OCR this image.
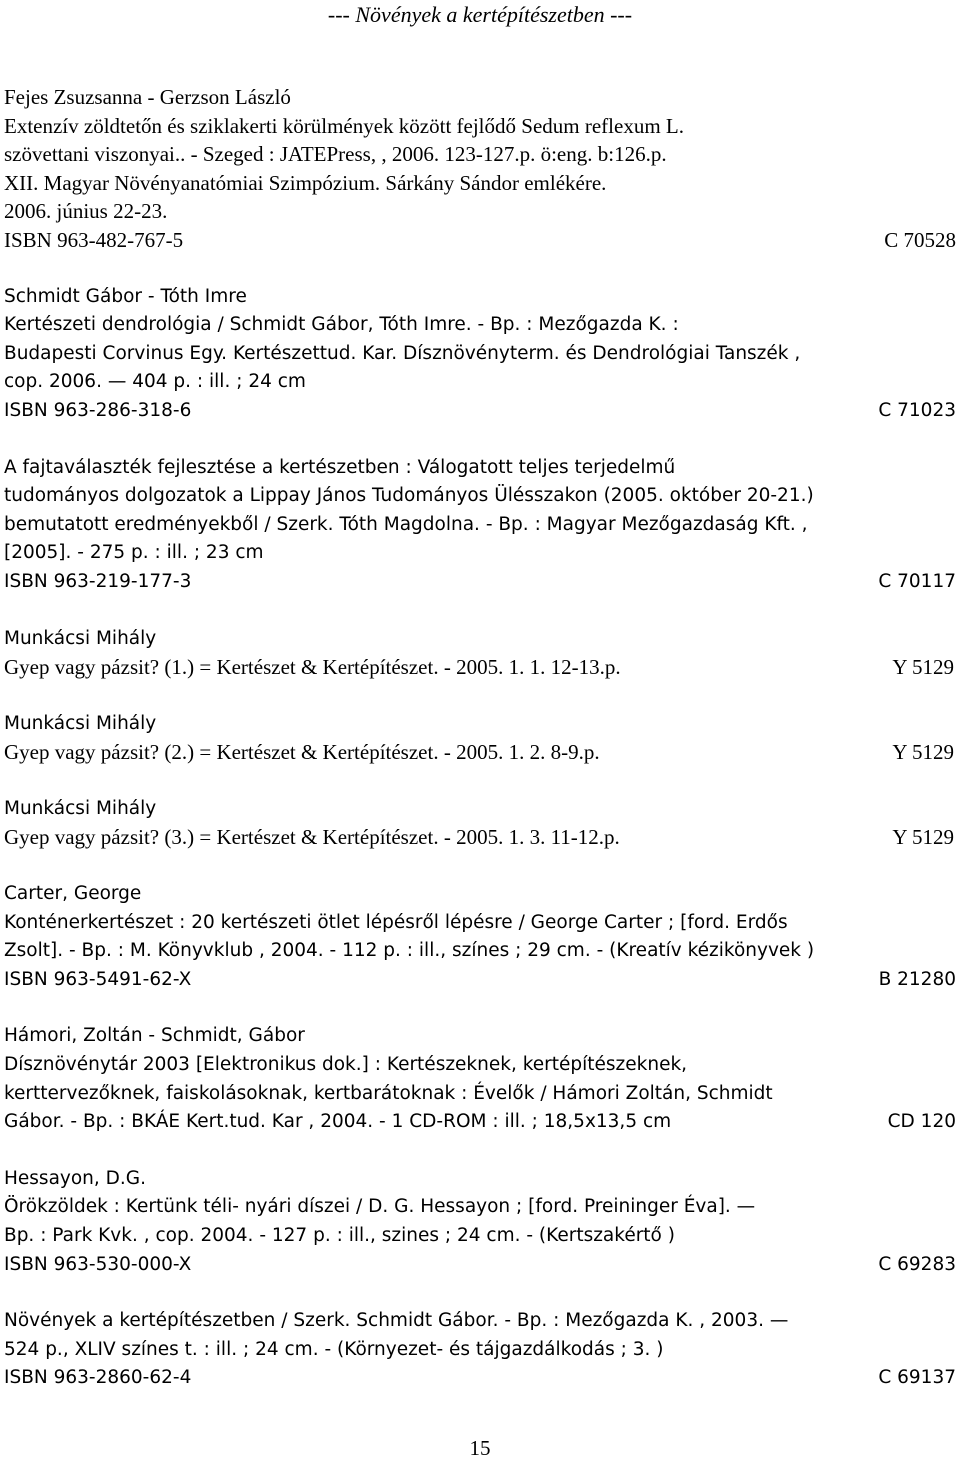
--- Növények a kertépítészetben ---
Fejes Zsuzsanna - Gerzson László
Extenzív zöldtetőn és sziklakerti körülmények között fejlődő Sedum reflexum L.
szövettani viszonyai.. - Szeged : JATEPress, , 2006. 123-127.p. ö:eng. b:126.p.
XII. Magyar Növényanatómiai Szimpózium. Sárkány Sándor emlékére.
2006. június 22-23.
ISBN 963-482-767-5	C 70528
Schmidt Gábor - Tóth Imre
Kertészeti dendrológia / Schmidt Gábor, Tóth Imre. - Bp. : Mezőgazda K. :
Budapesti Corvinus Egy. Kertészettud. Kar. Dísznövényterm. és Dendrológiai Tanszék ,
cop. 2006. — 404 p. : ill. ; 24 cm
ISBN 963-286-318-6	C 71023
A fajtaválaszték fejlesztése a kertészetben : Válogatott teljes terjedelmű
tudományos dolgozatok a Lippay János Tudományos Ülésszakon (2005. október 20-21.)
bemutatott eredményekből / Szerk. Tóth Magdolna. - Bp. : Magyar Mezőgazdaság Kft. ,
[2005]. - 275 p. : ill. ; 23 cm
ISBN 963-219-177-3	C 70117
Munkácsi Mihály
Gyep vagy pázsit? (1.) = Kertészet & Kertépítészet. - 2005. 1. 1. 12-13.p.	Y 5129
Munkácsi Mihály
Gyep vagy pázsit? (2.) = Kertészet & Kertépítészet. - 2005. 1. 2. 8-9.p.	Y 5129
Munkácsi Mihály
Gyep vagy pázsit? (3.) = Kertészet & Kertépítészet. - 2005. 1. 3. 11-12.p.	Y 5129
Carter, George
Konténerkertészet : 20 kertészeti ötlet lépésről lépésre / George Carter ; [ford. Erdős
Zsolt]. - Bp. : M. Könyvklub , 2004. - 112 p. : ill., színes ; 29 cm. - (Kreatív kézikönyvek )
ISBN 963-5491-62-X	B 21280
Hámori, Zoltán - Schmidt, Gábor
Dísznövénytár 2003 [Elektronikus dok.] : Kertészeknek, kertépítészeknek,
kerttervezőknek, faiskolásoknak, kertbarátoknak : Évelők / Hámori Zoltán, Schmidt
Gábor. - Bp. : BKÁE Kert.tud. Kar , 2004. - 1 CD-ROM : ill. ; 18,5x13,5 cm	CD 120
Hessayon, D.G.
Örökzöldek : Kertünk téli- nyári díszei / D. G. Hessayon ; [ford. Preininger Éva]. —
Bp. : Park Kvk. , cop. 2004. - 127 p. : ill., szines ; 24 cm. - (Kertszakértő )
ISBN 963-530-000-X	C 69283
Növények a kertépítészetben / Szerk. Schmidt Gábor. - Bp. : Mezőgazda K. , 2003. —
524 p., XLIV színes t. : ill. ; 24 cm. - (Környezet- és tájgazdálkodás ; 3. )
ISBN 963-2860-62-4	C 69137
15
